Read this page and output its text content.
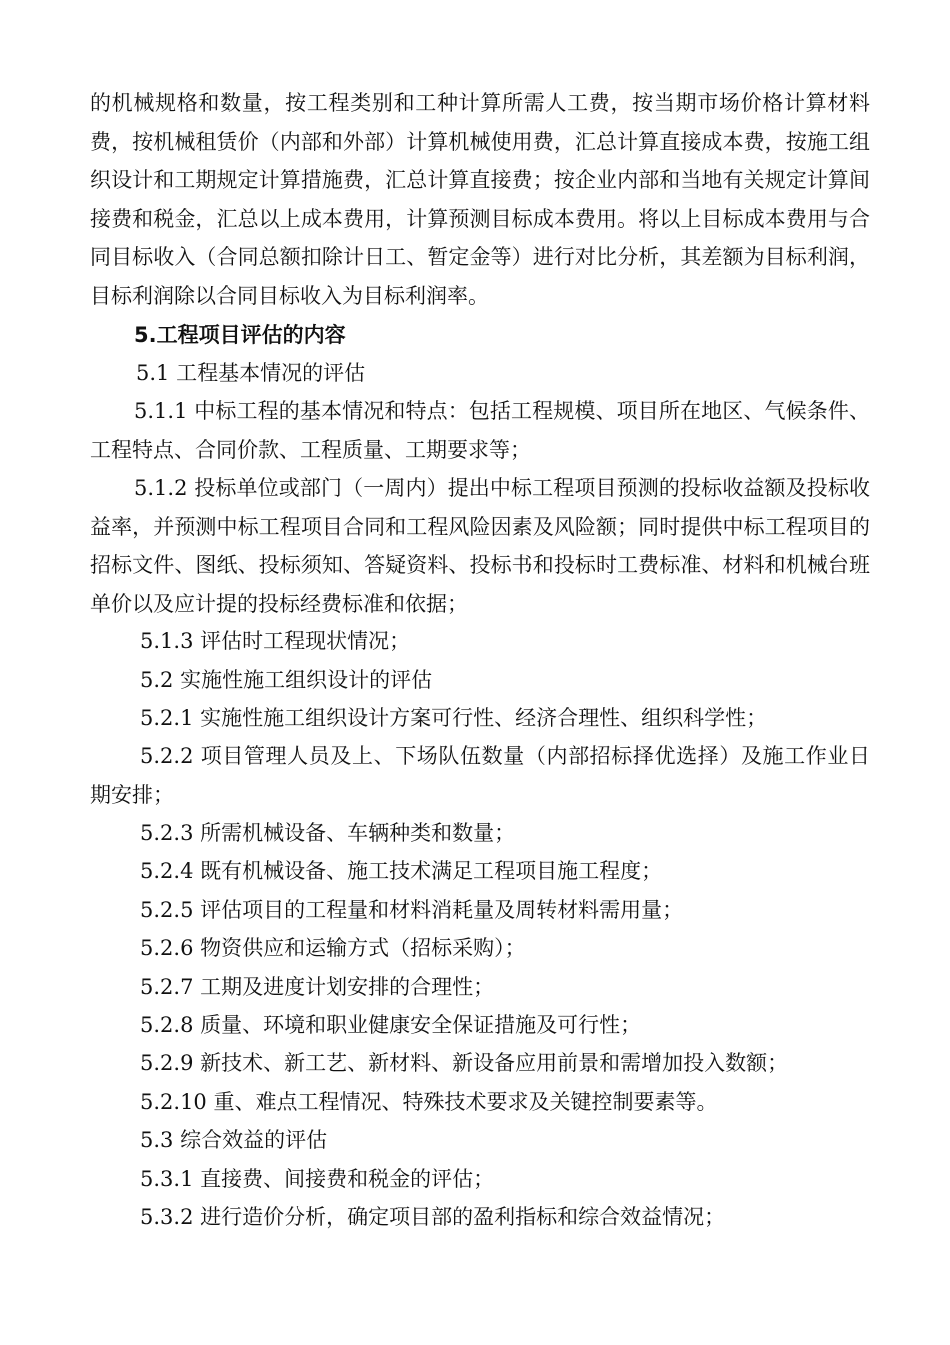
的机械规格和数量，按工程类别和工种计算所需人工费，按当期市场价格计算材料费，按机械租赁价（内部和外部）计算机械使用费，汇总计算直接成本费，按施工组织设计和工期规定计算措施费，汇总计算直接费；按企业内部和当地有关规定计算间接费和税金，汇总以上成本费用，计算预测目标成本费用。将以上目标成本费用与合同目标收入（合同总额扣除计日工、暂定金等）进行对比分析，其差额为目标利润，目标利润除以合同目标收入为目标利润率。

5.工程项目评估的内容

5.1 工程基本情况的评估

5.1.1 中标工程的基本情况和特点：包括工程规模、项目所在地区、气候条件、工程特点、合同价款、工程质量、工期要求等；

5.1.2 投标单位或部门（一周内）提出中标工程项目预测的投标收益额及投标收益率，并预测中标工程项目合同和工程风险因素及风险额；同时提供中标工程项目的招标文件、图纸、投标须知、答疑资料、投标书和投标时工费标准、材料和机械台班单价以及应计提的投标经费标准和依据；

5.1.3 评估时工程现状情况；

5.2 实施性施工组织设计的评估

5.2.1 实施性施工组织设计方案可行性、经济合理性、组织科学性；

5.2.2 项目管理人员及上、下场队伍数量（内部招标择优选择）及施工作业日期安排；

5.2.3 所需机械设备、车辆种类和数量；

5.2.4 既有机械设备、施工技术满足工程项目施工程度；

5.2.5 评估项目的工程量和材料消耗量及周转材料需用量；

5.2.6 物资供应和运输方式（招标采购）；

5.2.7 工期及进度计划安排的合理性；

5.2.8 质量、环境和职业健康安全保证措施及可行性；

5.2.9 新技术、新工艺、新材料、新设备应用前景和需增加投入数额；

5.2.10 重、难点工程情况、特殊技术要求及关键控制要素等。

5.3 综合效益的评估

5.3.1 直接费、间接费和税金的评估；

5.3.2 进行造价分析，确定项目部的盈利指标和综合效益情况；
